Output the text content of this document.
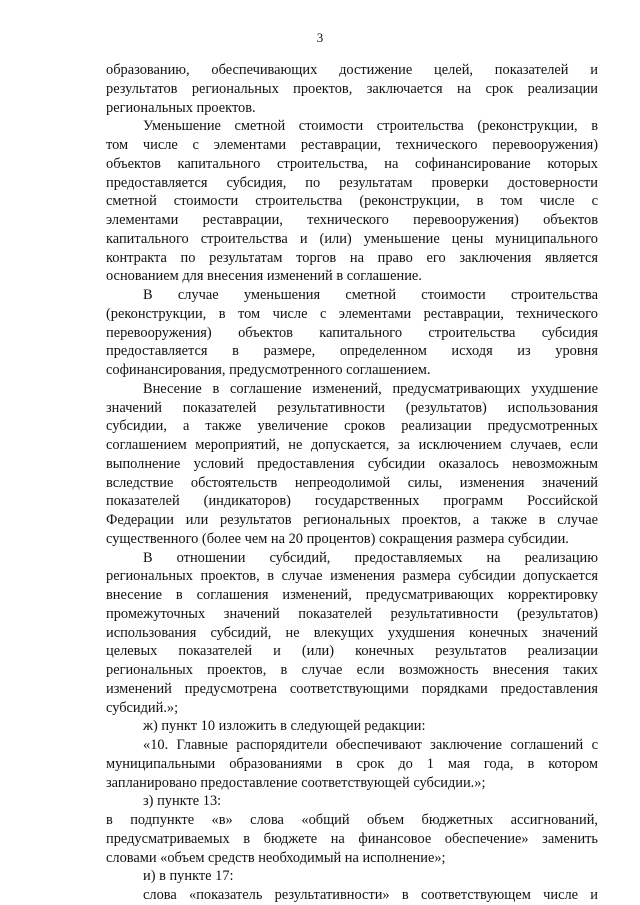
3

образованию, обеспечивающих достижение целей, показателей и

результатов региональных проектов, заключается на срок реализации

региональных проектов.

Уменьшение сметной стоимости строительства (реконструкции, в

том числе с элементами реставрации, технического перевооружения)

объектов капитального строительства, на софинансирование которых

предоставляется субсидия, по результатам проверки достоверности

сметной стоимости строительства (реконструкции, в том числе с

элементами реставрации, технического перевооружения) объектов

капитального строительства и (или) уменьшение цены муниципального

контракта по результатам торгов на право его заключения является

основанием для внесения изменений в соглашение.

В случае уменьшения сметной стоимости строительства

(реконструкции, в том числе с элементами реставрации, технического

перевооружения) объектов капитального строительства субсидия

предоставляется в размере, определенном исходя из уровня

софинансирования, предусмотренного соглашением.

Внесение в соглашение изменений, предусматривающих ухудшение

значений показателей результативности (результатов) использования

субсидии, а также увеличение сроков реализации предусмотренных

соглашением мероприятий, не допускается, за исключением случаев, если

выполнение условий предоставления субсидии оказалось невозможным

вследствие обстоятельств непреодолимой силы, изменения значений

показателей (индикаторов) государственных программ Российской

Федерации или результатов региональных проектов, а также в случае

существенного (более чем на 20 процентов) сокращения размера субсидии.

В отношении субсидий, предоставляемых на реализацию

региональных проектов, в случае изменения размера субсидии допускается

внесение в соглашения изменений, предусматривающих корректировку

промежуточных значений показателей результативности (результатов)

использования субсидий, не влекущих ухудшения конечных значений

целевых показателей и (или) конечных результатов реализации

региональных проектов, в случае если возможность внесения таких

изменений предусмотрена соответствующими порядками предоставления

субсидий.»;

ж) пункт 10 изложить в следующей редакции:

«10. Главные распорядители обеспечивают заключение соглашений с

муниципальными образованиями в срок до 1 мая года, в котором

запланировано предоставление соответствующей субсидии.»;

з) пункте 13:

в подпункте «в» слова «общий объем бюджетных ассигнований,

предусматриваемых в бюджете на финансовое обеспечение» заменить

словами «объем средств необходимый на исполнение»;

и) в пункте 17:

слова «показатель результативности» в соответствующем числе и
